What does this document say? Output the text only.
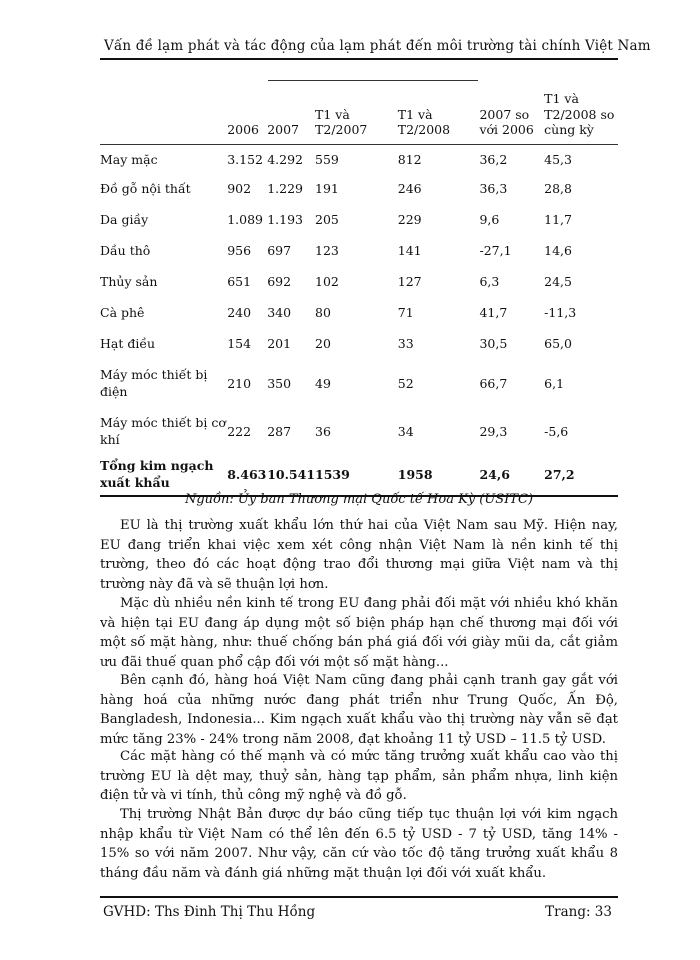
Vấn đề lạm phát và tác động của lạm phát đến môi trường tài chính Việt Nam
	2006	2007	T1 và T2/2007	T1 và T2/2008	2007 so với 2006	T1 và T2/2008 so cùng kỳ
May mặc	3.152	4.292	559	812	36,2	45,3
Đồ gỗ nội thất	902	1.229	191	246	36,3	28,8
Da giầy	1.089	1.193	205	229	9,6	11,7
Dầu thô	956	697	123	141	-27,1	14,6
Thủy sản	651	692	102	127	6,3	24,5
Cà phê	240	340	80	71	41,7	-11,3
Hạt điều	154	201	20	33	30,5	65,0
Máy móc thiết bị điện	210	350	49	52	66,7	6,1
Máy móc thiết bị cơ khí	222	287	36	34	29,3	-5,6
Tổng kim ngạch xuất khẩu	8.463	10.541	1539	1958	24,6	27,2
Nguồn: Ủy ban Thương mại Quốc tế Hoa Kỳ (USITC)

EU là thị trường xuất khẩu lớn thứ hai của Việt Nam sau Mỹ. Hiện nay, EU đang triển khai việc xem xét công nhận Việt Nam là nền kinh tế thị trường, theo đó các hoạt động trao đổi thương mại giữa Việt nam và thị trường này đã và sẽ thuận lợi hơn.

Mặc dù nhiều nền kinh tế trong EU đang phải đối mặt với nhiều khó khăn và hiện tại EU đang áp dụng một số biện pháp hạn chế thương mại đối với một số mặt hàng, như: thuế chống bán phá giá đối với giày mũi da, cắt giảm ưu đãi thuế quan phổ cập đối với một số mặt hàng...

Bên cạnh đó, hàng hoá Việt Nam cũng đang phải cạnh tranh gay gắt với hàng hoá của những nước đang phát triển như Trung Quốc, Ấn Độ, Bangladesh, Indonesia... Kim ngạch xuất khẩu vào thị trường này vẫn sẽ đạt mức tăng 23% - 24% trong năm 2008, đạt khoảng 11 tỷ USD – 11.5 tỷ USD.

Các mặt hàng có thế mạnh và có mức tăng trưởng xuất khẩu cao vào thị trường EU là dệt may, thuỷ sản, hàng tạp phẩm, sản phẩm nhựa, linh kiện điện tử và vi tính, thủ công mỹ nghệ và đồ gỗ.

Thị trường Nhật Bản được dự báo cũng tiếp tục thuận lợi với kim ngạch nhập khẩu từ Việt Nam có thể lên đến 6.5 tỷ USD - 7 tỷ USD, tăng 14% - 15% so với năm 2007. Như vậy, căn cứ vào tốc độ tăng trưởng xuất khẩu 8 tháng đầu năm và đánh giá những mặt thuận lợi đối với xuất khẩu.

GVHD: Ths Đinh Thị Thu Hồng	Trang: 33
